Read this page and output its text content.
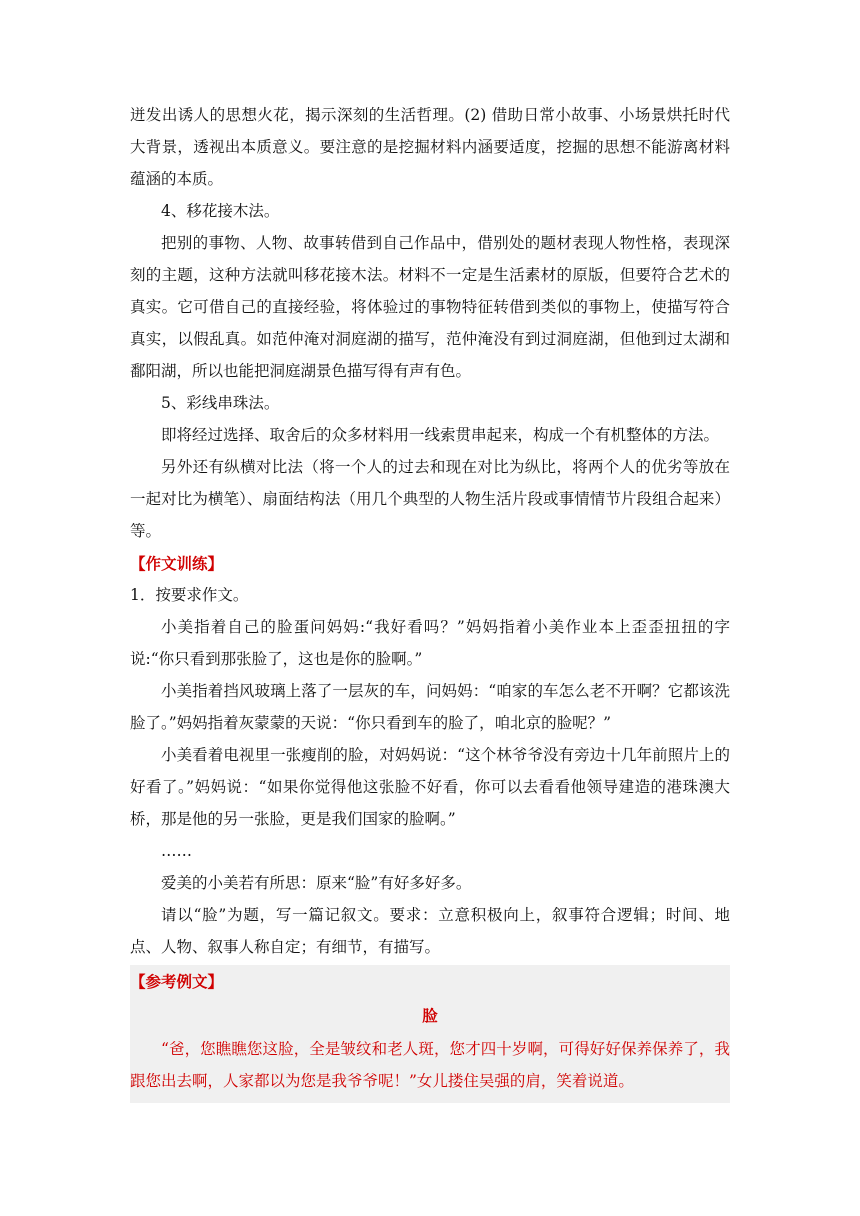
迸发出诱人的思想火花，揭示深刻的生活哲理。(2) 借助日常小故事、小场景烘托时代大背景，透视出本质意义。要注意的是挖掘材料内涵要适度，挖掘的思想不能游离材料蕴涵的本质。

4、移花接木法。

把别的事物、人物、故事转借到自己作品中，借别处的题材表现人物性格，表现深刻的主题，这种方法就叫移花接木法。材料不一定是生活素材的原版，但要符合艺术的真实。它可借自己的直接经验，将体验过的事物特征转借到类似的事物上，使描写符合真实，以假乱真。如范仲淹对洞庭湖的描写，范仲淹没有到过洞庭湖，但他到过太湖和鄱阳湖，所以也能把洞庭湖景色描写得有声有色。

5、彩线串珠法。

即将经过选择、取舍后的众多材料用一线索贯串起来，构成一个有机整体的方法。

另外还有纵横对比法（将一个人的过去和现在对比为纵比，将两个人的优劣等放在一起对比为横笔）、扇面结构法（用几个典型的人物生活片段或事情情节片段组合起来）等。

【作文训练】

1．按要求作文。

小美指着自己的脸蛋问妈妈:“我好看吗？”妈妈指着小美作业本上歪歪扭扭的字说:“你只看到那张脸了，这也是你的脸啊。”

小美指着挡风玻璃上落了一层灰的车，问妈妈：“咱家的车怎么老不开啊？它都该洗脸了。”妈妈指着灰蒙蒙的天说：“你只看到车的脸了，咱北京的脸呢？”

小美看着电视里一张瘦削的脸，对妈妈说：“这个林爷爷没有旁边十几年前照片上的好看了。”妈妈说：“如果你觉得他这张脸不好看，你可以去看看他领导建造的港珠澳大桥，那是他的另一张脸，更是我们国家的脸啊。”

……

爱美的小美若有所思：原来“脸”有好多好多。

请以“脸”为题，写一篇记叙文。要求：立意积极向上，叙事符合逻辑；时间、地点、人物、叙事人称自定；有细节，有描写。

【参考例文】
脸

“爸，您瞧瞧您这脸，全是皱纹和老人斑，您才四十岁啊，可得好好保养保养了，我跟您出去啊，人家都以为您是我爷爷呢！”女儿搂住吴强的肩，笑着说道。
